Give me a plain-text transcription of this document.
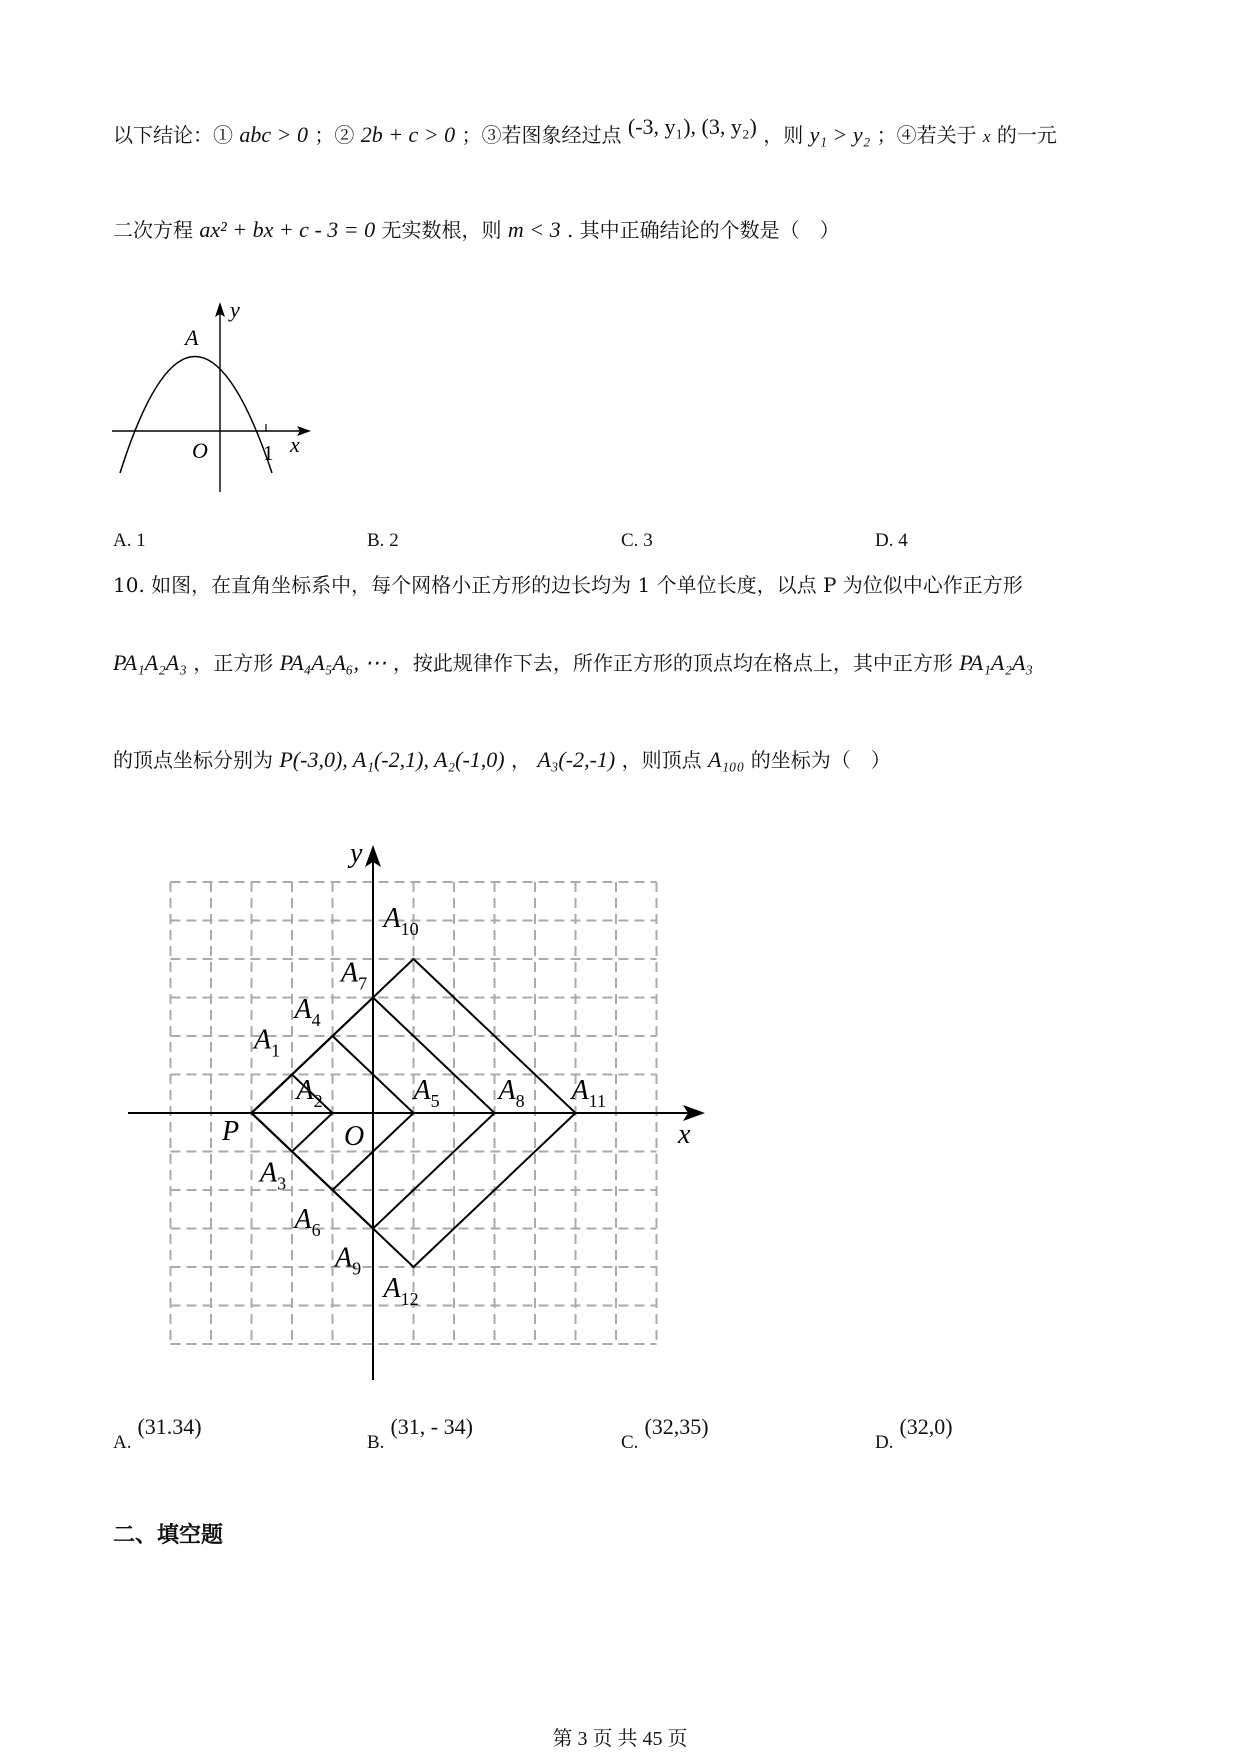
以下结论：① abc > 0 ；② 2b + c > 0 ；③若图象经过点 (-3, y₁), (3, y₂) ，则 y₁ > y₂ ；④若关于 x 的一元
二次方程 ax² + bx + c - 3 = 0 无实数根，则 m < 3 . 其中正确结论的个数是（　）
y
A
O	1 x
A. 1	B. 2	C. 3	D. 4
10. 如图，在直角坐标系中，每个网格小正方形的边长均为 1 个单位长度，以点 P 为位似中心作正方形
PA₁A₂A₃ ，正方形 PA₄A₅A₆, ⋯ ，按此规律作下去，所作正方形的顶点均在格点上，其中正方形 PA₁A₂A₃
的顶点坐标分别为 P(-3,0), A₁(-2,1), A₂(-1,0) ， A₃(-2,-1) ，则顶点 A₁₀₀ 的坐标为（　）
$A_1$
$A_2$
$A_3$
$A_4$
$A_5$
$A_6$
$A_7$
$A_8$
$A_9$
$A_{10}$
$A_{11}$
$A_{12}$
y
x
O
P
A.(31.34)
B.(31, - 34)
C.(32,35)
D.(32,0)
二、填空题
第 3 页 共 45 页
